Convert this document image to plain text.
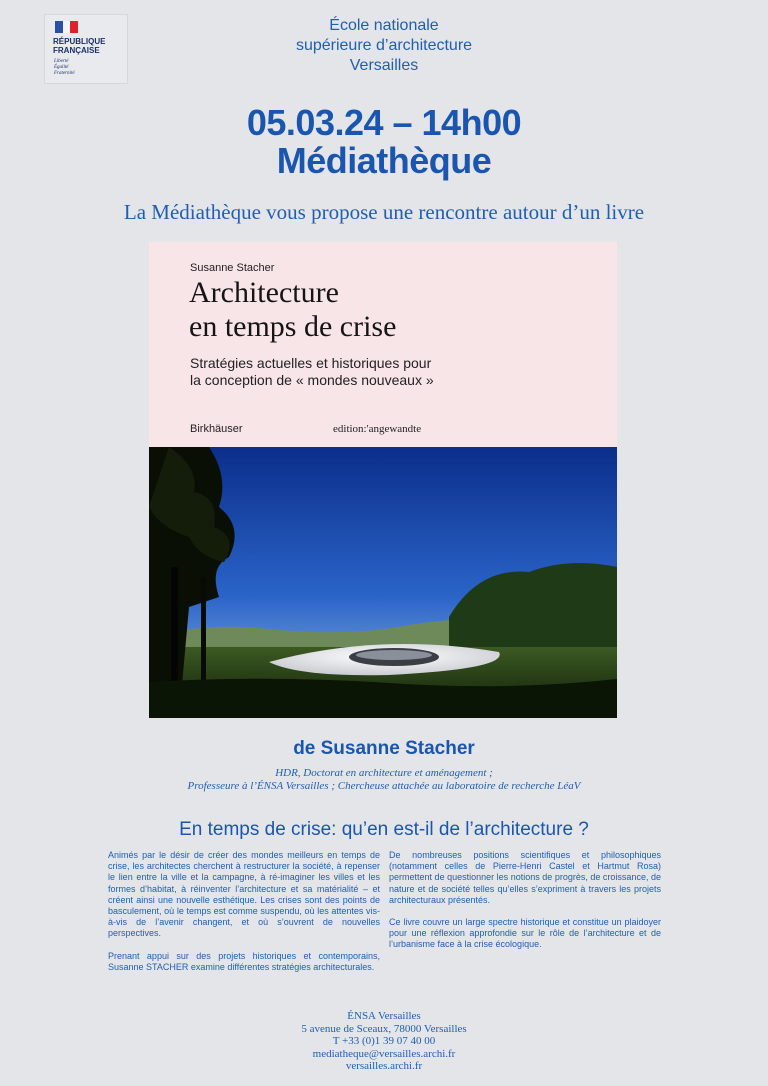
RÉPUBLIQUE FRANÇAISE
Liberté
Égalité
Fraternité
École nationale
supérieure d’architecture
Versailles
05.03.24 – 14h00
Médiathèque
La Médiathèque vous propose une rencontre autour d’un livre
Susanne Stacher
Architecture
en temps de crise
Stratégies actuelles et historiques pour
la conception de « mondes nouveaux »
Birkhäuser	edition:'angewandte
de Susanne Stacher
HDR, Doctorat en architecture et aménagement ;
Professeure à l’ÉNSA Versailles ; Chercheuse attachée au laboratoire de recherche LéaV
En temps de crise: qu’en est-il de l’architecture ?

Animés par le désir de créer des mondes meilleurs en temps de crise, les architectes cherchent à restructurer la société, à repenser le lien entre la ville et la campagne, à ré-imaginer les villes et les formes d’habitat, à réinventer l’architecture et sa matérialité – et créent ainsi une nouvelle esthétique. Les crises sont des points de basculement, où le temps est comme suspendu, où les attentes vis-à-vis de l’avenir changent, et où s’ouvrent de nouvelles perspectives.

Prenant appui sur des projets historiques et contemporains, Susanne STACHER examine différentes stratégies architecturales.

De nombreuses positions scientifiques et philosophiques (notamment celles de Pierre-Henri Castel et Hartmut Rosa) permettent de questionner les notions de progrès, de croissance, de nature et de société telles qu’elles s’expriment à travers les projets architecturaux présentés.

Ce livre couvre un large spectre historique et constitue un plaidoyer pour une réflexion approfondie sur le rôle de l’architecture et de l’urbanisme face à la crise écologique.

ÉNSA Versailles
5 avenue de Sceaux, 78000 Versailles
T +33 (0)1 39 07 40 00
mediatheque@versailles.archi.fr
versailles.archi.fr
